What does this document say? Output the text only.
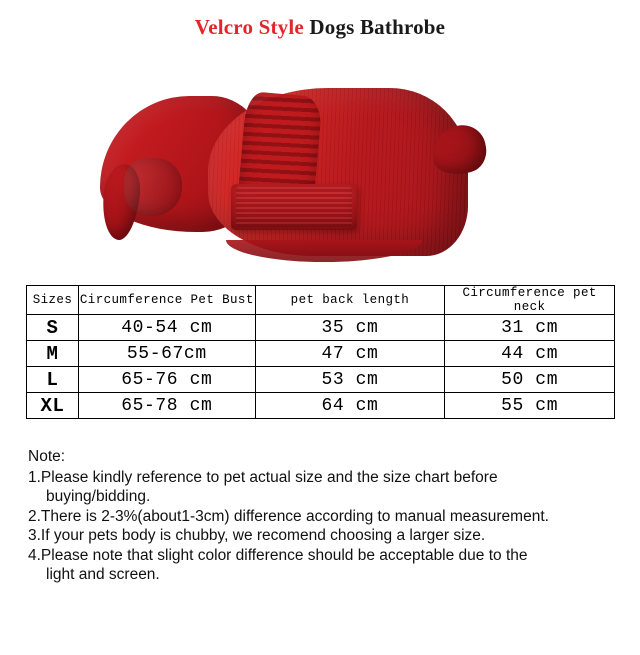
Velcro Style Dogs Bathrobe
Sizes	Circumference Pet Bust	pet back length	Circumference pet neck
S	40-54 cm	35 cm	31 cm
M	55-67cm	47 cm	44 cm
L	65-76 cm	53 cm	50 cm
XL	65-78 cm	64 cm	55 cm
Note:
1.Please kindly reference to pet actual size and the size chart before
buying/bidding.
2.There is 2-3%(about1-3cm) difference according to manual measurement.
3.If your pets body is chubby, we recomend choosing a larger size.
4.Please note that slight color difference should be acceptable due to the
light and screen.
